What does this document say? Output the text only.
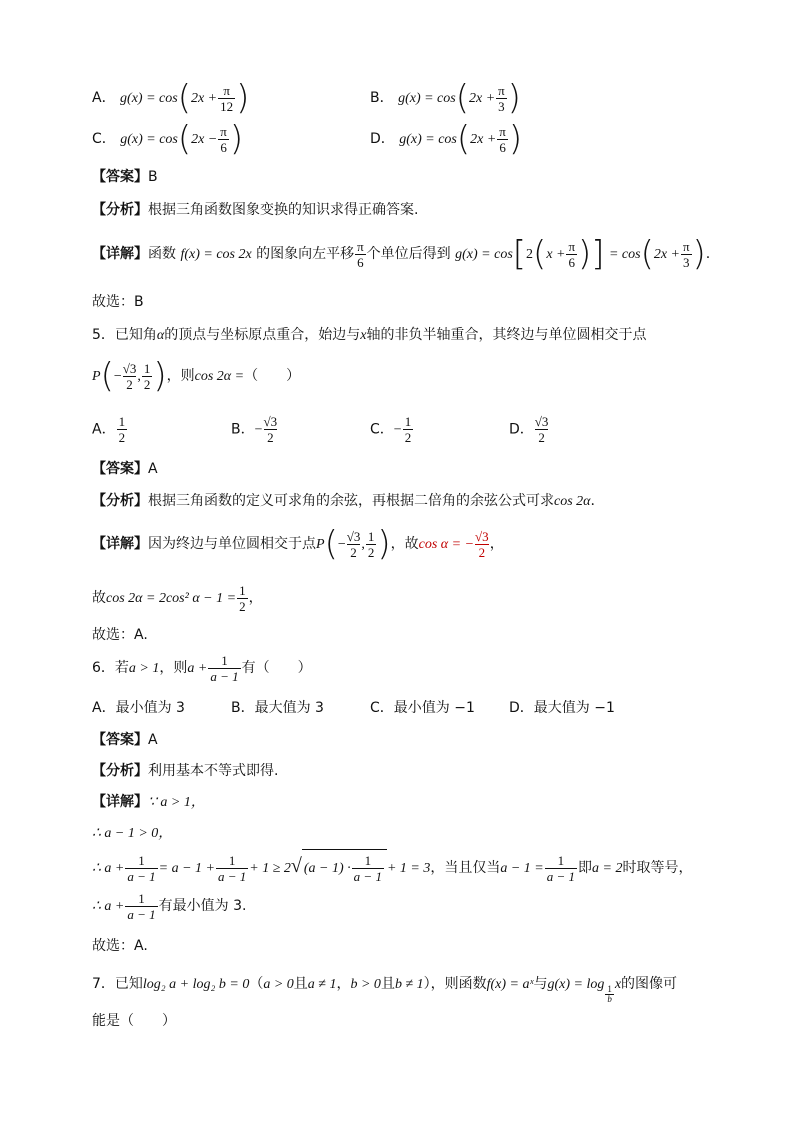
A． $g(x) = \cos(2x + \frac{\pi}{12}$ )	B． $g(x) = \cos(2x + \frac{\pi}{3}$ )
C． $g(x) = \cos(2x - \frac{\pi}{6}$ )	D． $g(x) = \cos(2x + \frac{\pi}{6}$ )
【答案】B
【分析】根据三角函数图象变换的知识求得正确答案.
【详解】函数 f(x) = cos 2x 的图象向左平移 $\frac{\pi}{6}$ 个单位后得到 $g(x) = \cos[2(x + \frac{\pi}{6}$ )] = $\cos(2x + \frac{\pi}{3}$ ).
故选：B
5．已知角α的顶点与坐标原点重合，始边与x轴的非负半轴重合，其终边与单位圆相交于点
$P(- \frac{√3}{2}$ , $\frac{1}{2}$ )，则cos 2α =（　　）
A． $\frac{1}{2}$	B．− $\frac{√3}{2}$	C．− $\frac{1}{2}$	D． $\frac{√3}{2}$
【答案】A
【分析】根据三角函数的定义可求角的余弦，再根据二倍角的余弦公式可求cos 2α.
【详解】因为终边与单位圆相交于点$P(- \frac{√3}{2}$ , $\frac{1}{2}$ )，故cos α = − $\frac{√3}{2}$ ，
故cos 2α = 2cos² $\alpha - 1 = \frac{1}{2}$ ，
故选：A.
6．若a > 1，则$a + \frac{1}{a - 1}$ 有（　　）
A．最小值为 3	B．最大值为 3	C．最小值为 −1 D．最大值为 −1
【答案】A
【分析】利用基本不等式即得.
【详解】∵ a > 1，
∴ a − 1 > 0，
∴ $a + \frac{1}{a - 1} = a - 1 + \frac{1}{a - 1} + 1 \ge 2√$ $(a - 1) \cdot \frac{1}{a - 1} + 1 = 3$，当且仅当$a - 1 = \frac{1}{a - 1}$ 即a = 2时取等号，
∴ $a + \frac{1}{a - 1}$ 有最小值为 3.
故选：A.
7．已知log₂ a + log₂ b = 0（a > 0且a ≠ 1，b > 0且b ≠ 1），则函数f(x) = aˣ与g(x) = log
$\frac{1}{b}$
x的图像可
能是（　　）
